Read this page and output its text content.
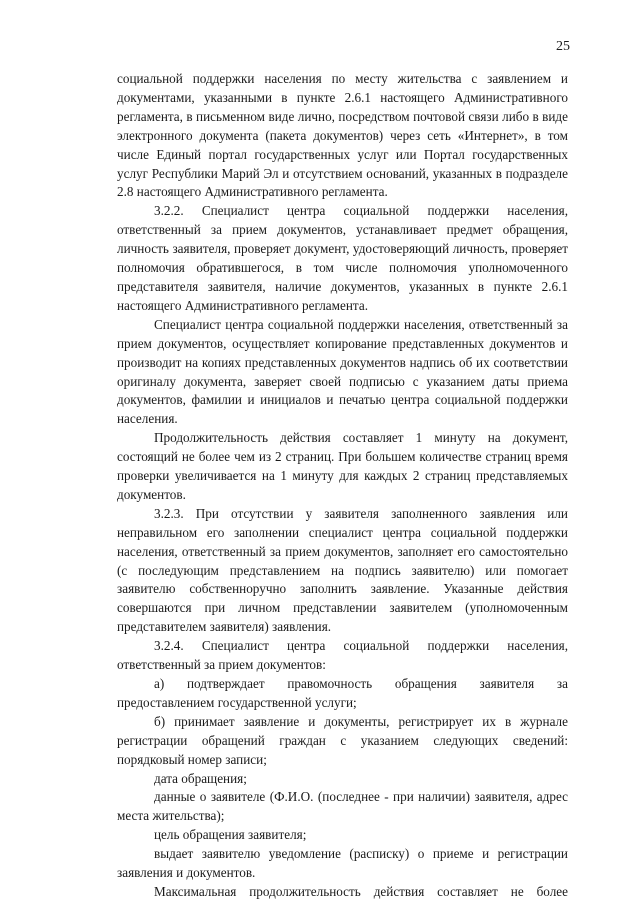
25

социальной поддержки населения по месту жительства с заявлением и документами, указанными в пункте 2.6.1 настоящего Административного регламента, в письменном виде лично, посредством почтовой связи либо в виде электронного документа (пакета документов) через сеть «Интернет», в том числе Единый портал государственных услуг или Портал государственных услуг Республики Марий Эл и отсутствием оснований, указанных в подразделе 2.8 настоящего Административного регламента.

3.2.2. Специалист центра социальной поддержки населения, ответственный за прием документов, устанавливает предмет обращения, личность заявителя, проверяет документ, удостоверяющий личность, проверяет полномочия обратившегося, в том числе полномочия уполномоченного представителя заявителя, наличие документов, указанных в пункте 2.6.1 настоящего Административного регламента.

Специалист центра социальной поддержки населения, ответственный за прием документов, осуществляет копирование представленных документов и производит на копиях представленных документов надпись об их соответствии оригиналу документа, заверяет своей подписью с указанием даты приема документов, фамилии и инициалов и печатью центра социальной поддержки населения.

Продолжительность действия составляет 1 минуту на документ, состоящий не более чем из 2 страниц. При большем количестве страниц время проверки увеличивается на 1 минуту для каждых 2 страниц представляемых документов.

3.2.3. При отсутствии у заявителя заполненного заявления или неправильном его заполнении специалист центра социальной поддержки населения, ответственный за прием документов, заполняет его самостоятельно (с последующим представлением на подпись заявителю) или помогает заявителю собственноручно заполнить заявление. Указанные действия совершаются при личном представлении заявителем (уполномоченным представителем заявителя) заявления.

3.2.4. Специалист центра социальной поддержки населения, ответственный за прием документов:

а) подтверждает правомочность обращения заявителя за предоставлением государственной услуги;

б) принимает заявление и документы, регистрирует их в журнале регистрации обращений граждан с указанием следующих сведений: порядковый номер записи;

дата обращения;

данные о заявителе (Ф.И.О. (последнее - при наличии) заявителя, адрес места жительства);

цель обращения заявителя;

выдает заявителю уведомление (расписку) о приеме и регистрации заявления и документов.

Максимальная продолжительность действия составляет не более
